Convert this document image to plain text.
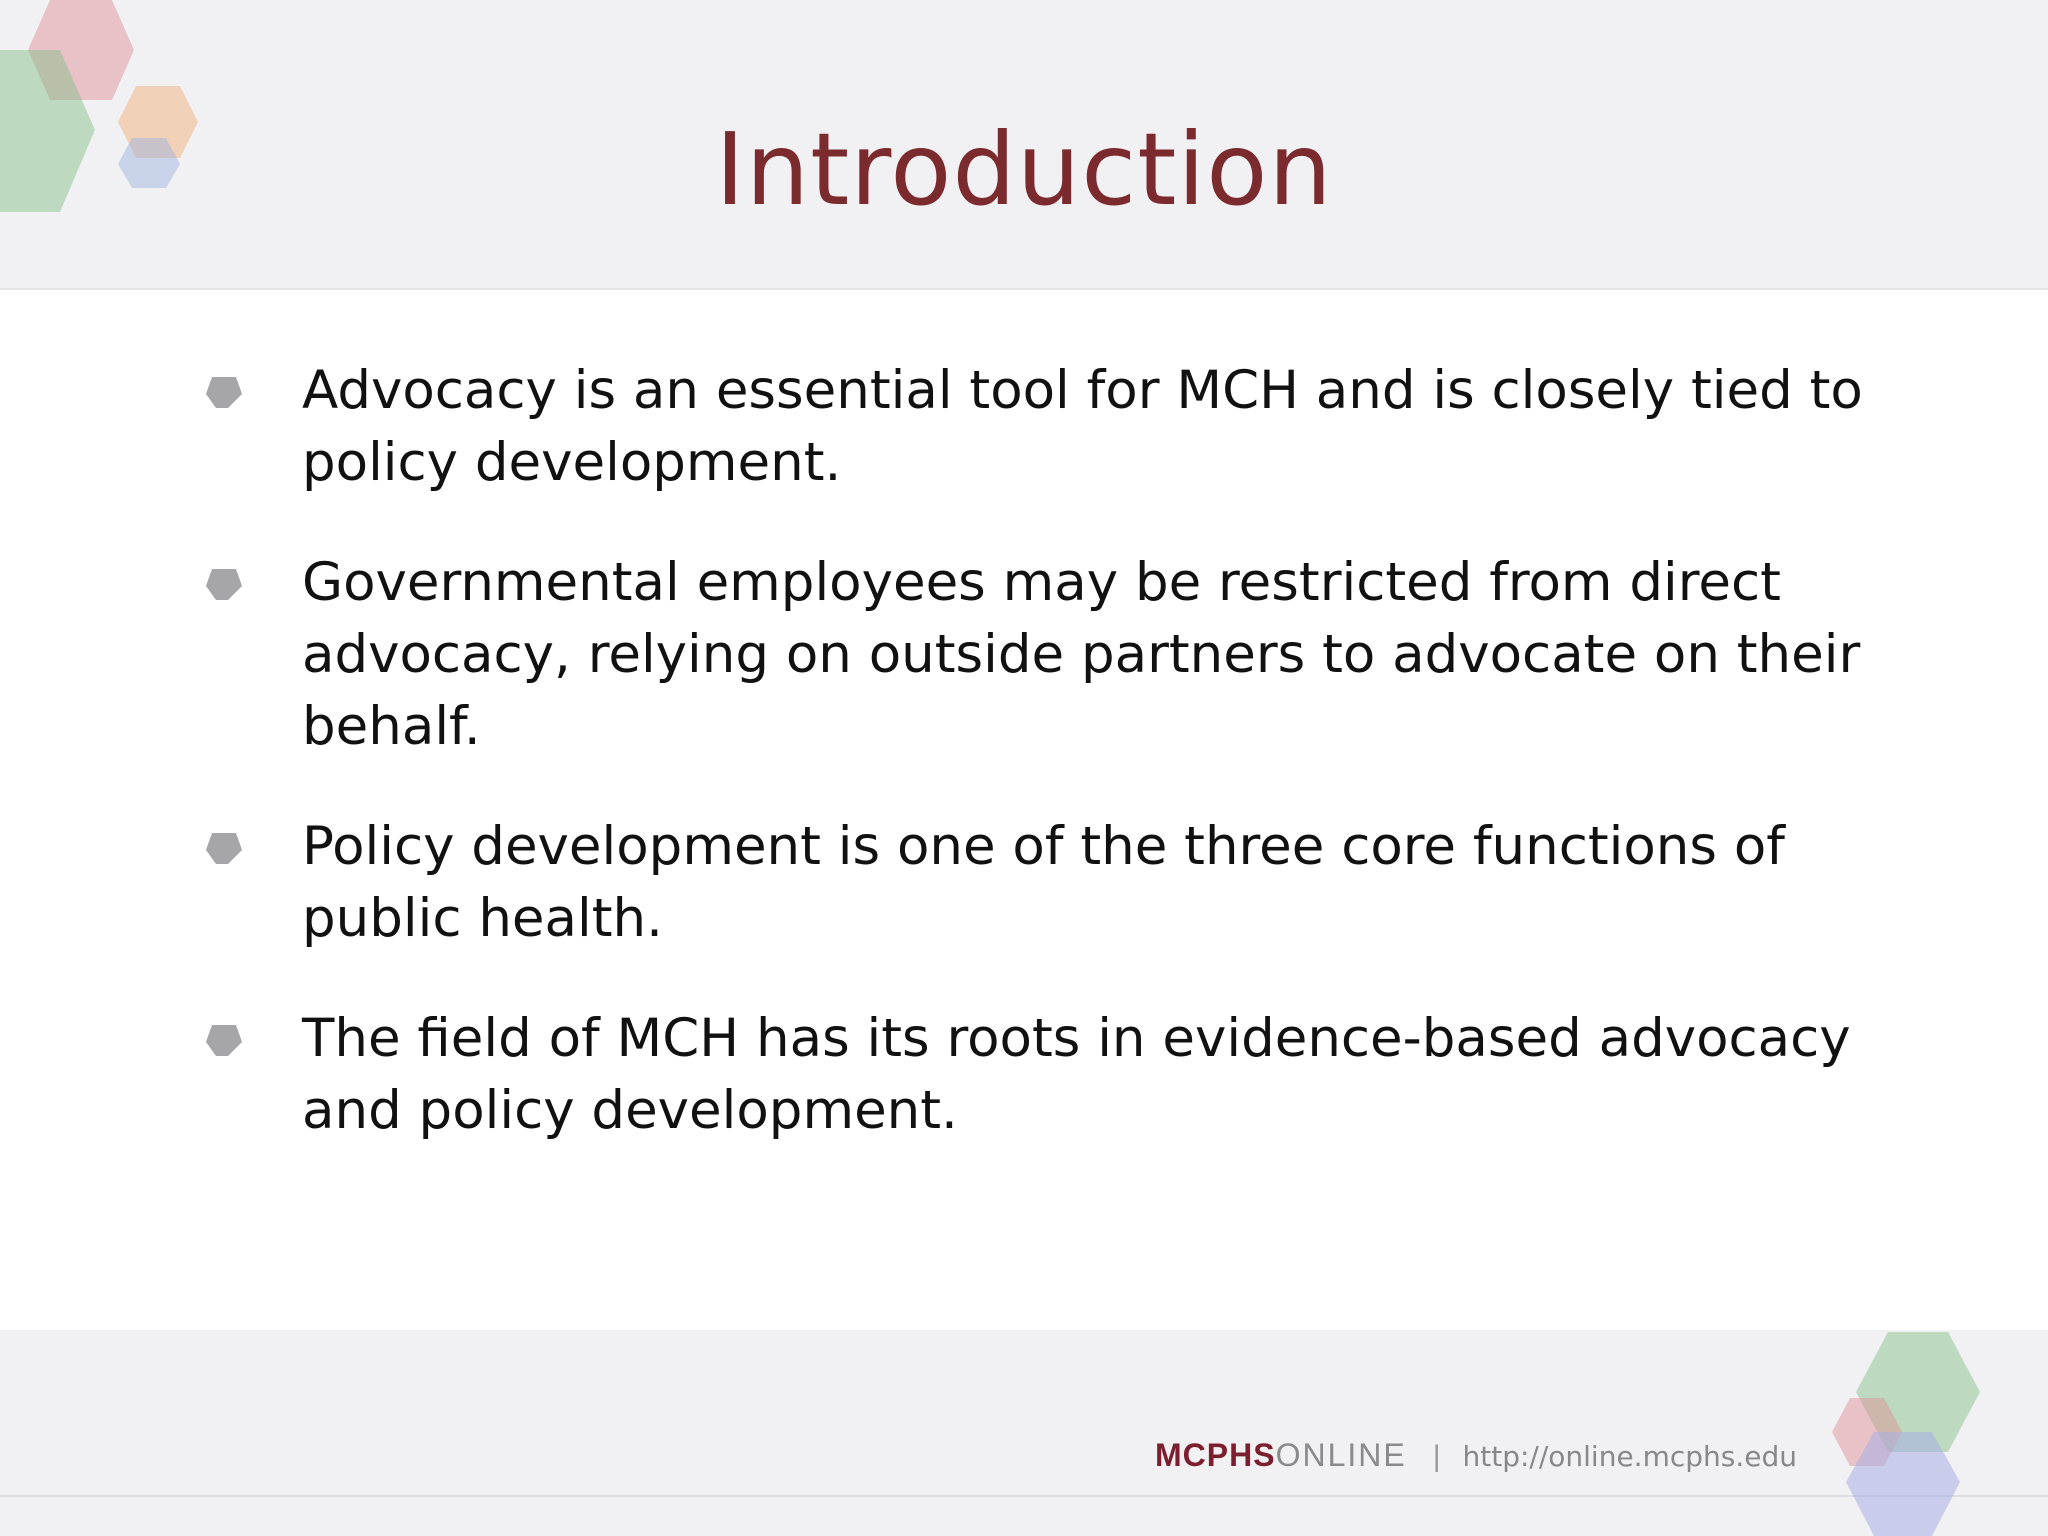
Introduction
Advocacy is an essential tool for MCH and is closely tied to policy development.
Governmental employees may be restricted from direct advocacy, relying on outside partners to advocate on their behalf.
Policy development is one of the three core functions of public health.
The field of MCH has its roots in evidence-based advocacy and policy development.
MCPHS ONLINE | http://online.mcphs.edu
